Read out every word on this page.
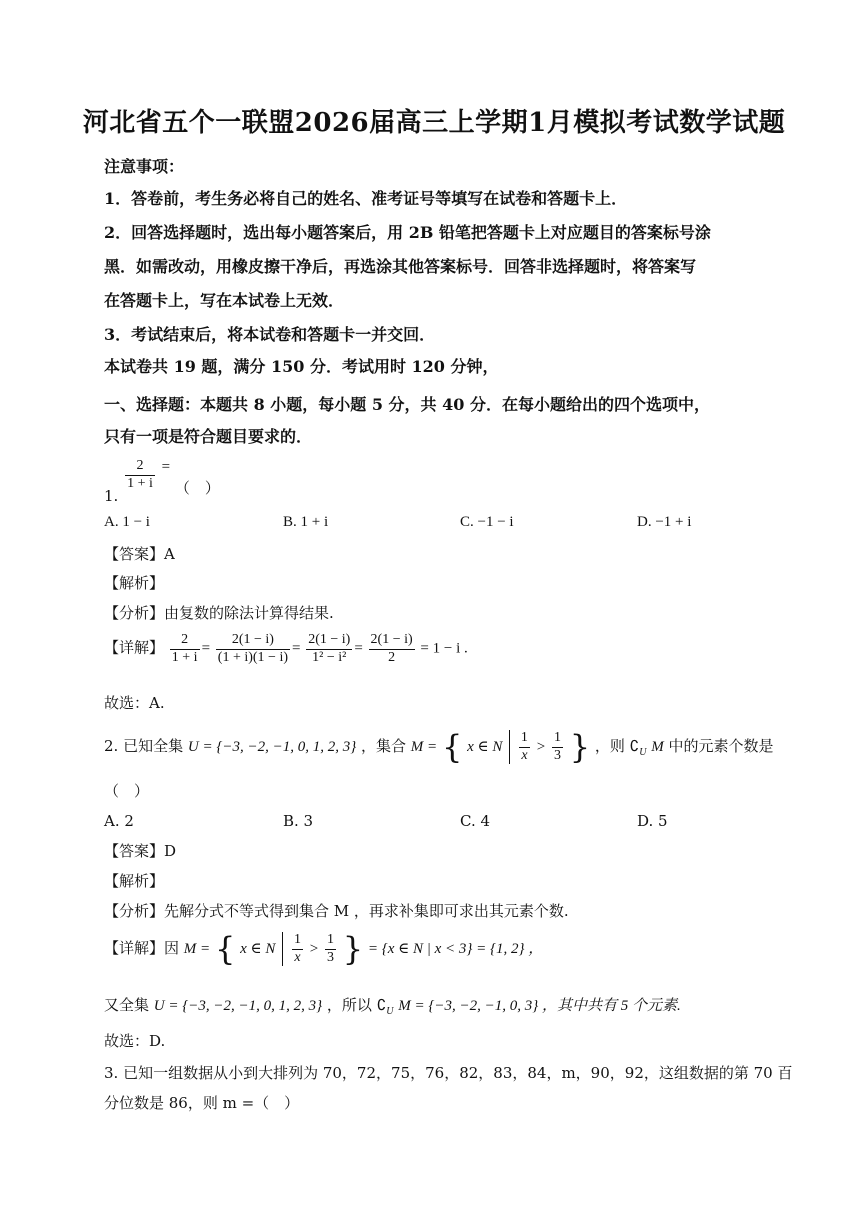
河北省五个一联盟2026届高三上学期1月模拟考试数学试题
注意事项：
1．答卷前，考生务必将自己的姓名、准考证号等填写在试卷和答题卡上．
2．回答选择题时，选出每小题答案后，用 2B 铅笔把答题卡上对应题目的答案标号涂
黑．如需改动，用橡皮擦干净后，再选涂其他答案标号．回答非选择题时，将答案写
在答题卡上，写在本试卷上无效．
3．考试结束后，将本试卷和答题卡一并交回．
本试卷共 19 题，满分 150 分．考试用时 120 分钟，
一、选择题：本题共 8 小题，每小题 5 分，共 40 分．在每小题给出的四个选项中，
只有一项是符合题目要求的．
1.
$\frac{2}{1 + i}$ = （　）
A. 1 − i	B. 1 + i	C. −1 − i	D. −1 + i
【答案】A
【解析】
【分析】由复数的除法计算得结果.
【详解】 $\frac{2}{1 + i} = \frac{2(1 - i)}{(1 + i)(1 - i)} = \frac{2(1 - i)}{\text{1² − i²}} = \frac{2(1 - i)}{2} = 1 - i$ .
故选：A.
2. 已知全集 U = {−3, −2, −1, 0, 1, 2, 3} ，集合 M = { x ∈ N $\frac{1}{x} > \frac{1}{3}$ } ，则 $∁_U$ M 中的元素个数是
（　）
A. 2	B. 3	C. 4	D. 5
【答案】D
【解析】
【分析】先解分式不等式得到集合 M ，再求补集即可求出其元素个数.
【详解】因 M = { x ∈ N $\frac{1}{x} > \frac{1}{3}$ } = {x ∈ N | x < 3} = {1, 2} ，
又全集 U = {−3, −2, −1, 0, 1, 2, 3} ，所以 $∁_U$ M = {−3, −2, −1, 0, 3} ，其中共有 5 个元素.
故选：D.
3. 已知一组数据从小到大排列为 70，72，75，76，82，83，84，m，90，92，这组数据的第 70 百
分位数是 86，则 m =（　）
